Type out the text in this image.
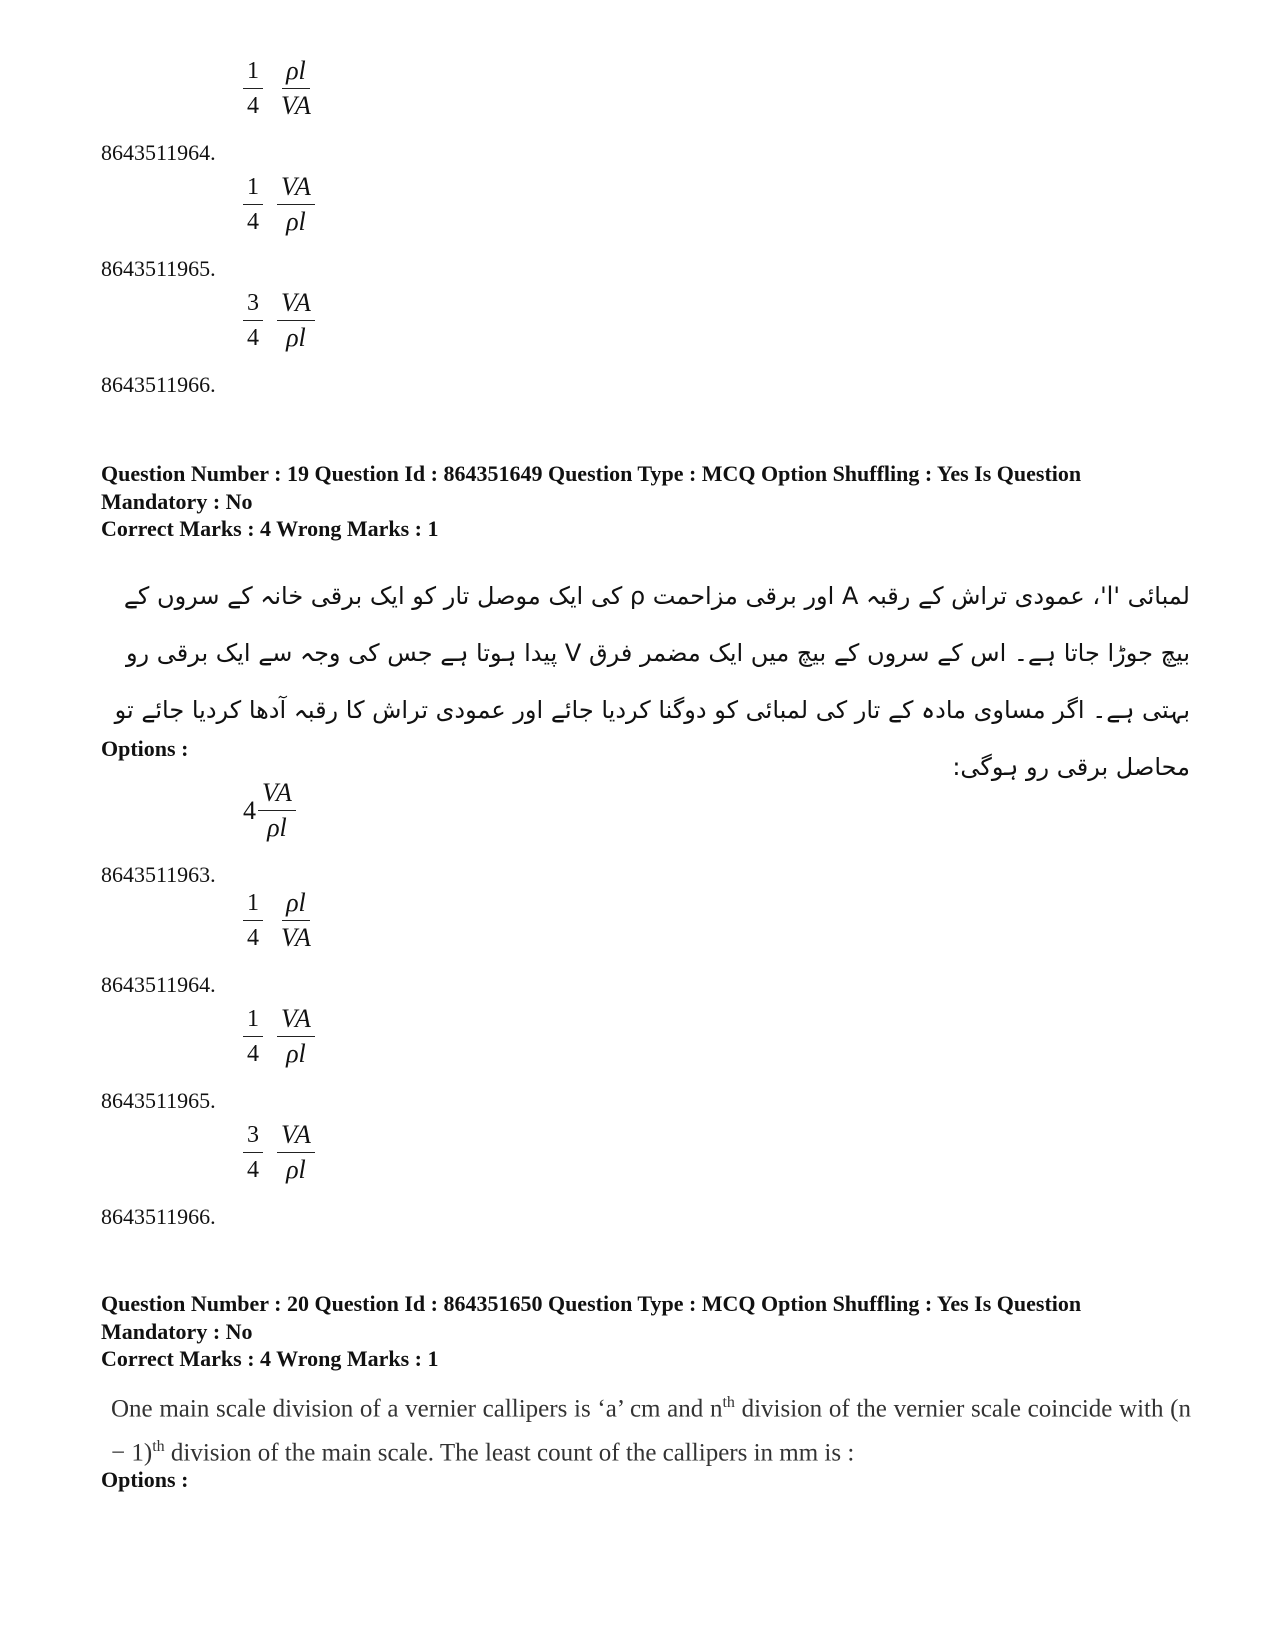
$\frac{1}{4} \frac{\rho l}{VA}$
8643511964.
$\frac{1}{4} \frac{VA}{\rho l}$
8643511965.
$\frac{3}{4} \frac{VA}{\rho l}$
8643511966.
Question Number : 19 Question Id : 864351649 Question Type : MCQ Option Shuffling : Yes Is Question Mandatory : No
Correct Marks : 4 Wrong Marks : 1
لمبائی 'l'، عمودی تراش کے رقبہ A اور برقی مزاحمت ρ کی ایک موصل تار کو ایک برقی خانہ کے سروں کے بیچ جوڑا جاتا ہے۔ اس کے سروں کے بیچ میں ایک مضمر فرق V پیدا ہوتا ہے جس کی وجہ سے ایک برقی رو بہتی ہے۔ اگر مساوی مادہ کے تار کی لمبائی کو دوگنا کردیا جائے اور عمودی تراش کا رقبہ آدھا کردیا جائے تو محاصل برقی رو ہوگی:
Options :
$4 \frac{VA}{\rho l}$
8643511963.
$\frac{1}{4} \frac{\rho l}{VA}$
8643511964.
$\frac{1}{4} \frac{VA}{\rho l}$
8643511965.
$\frac{3}{4} \frac{VA}{\rho l}$
8643511966.
Question Number : 20 Question Id : 864351650 Question Type : MCQ Option Shuffling : Yes Is Question Mandatory : No
Correct Marks : 4 Wrong Marks : 1
One main scale division of a vernier callipers is ‘a’ cm and $n^{th}$ division of the vernier scale coincide with $(n - 1)^{th}$ division of the main scale. The least count of the callipers in mm is :
Options :
